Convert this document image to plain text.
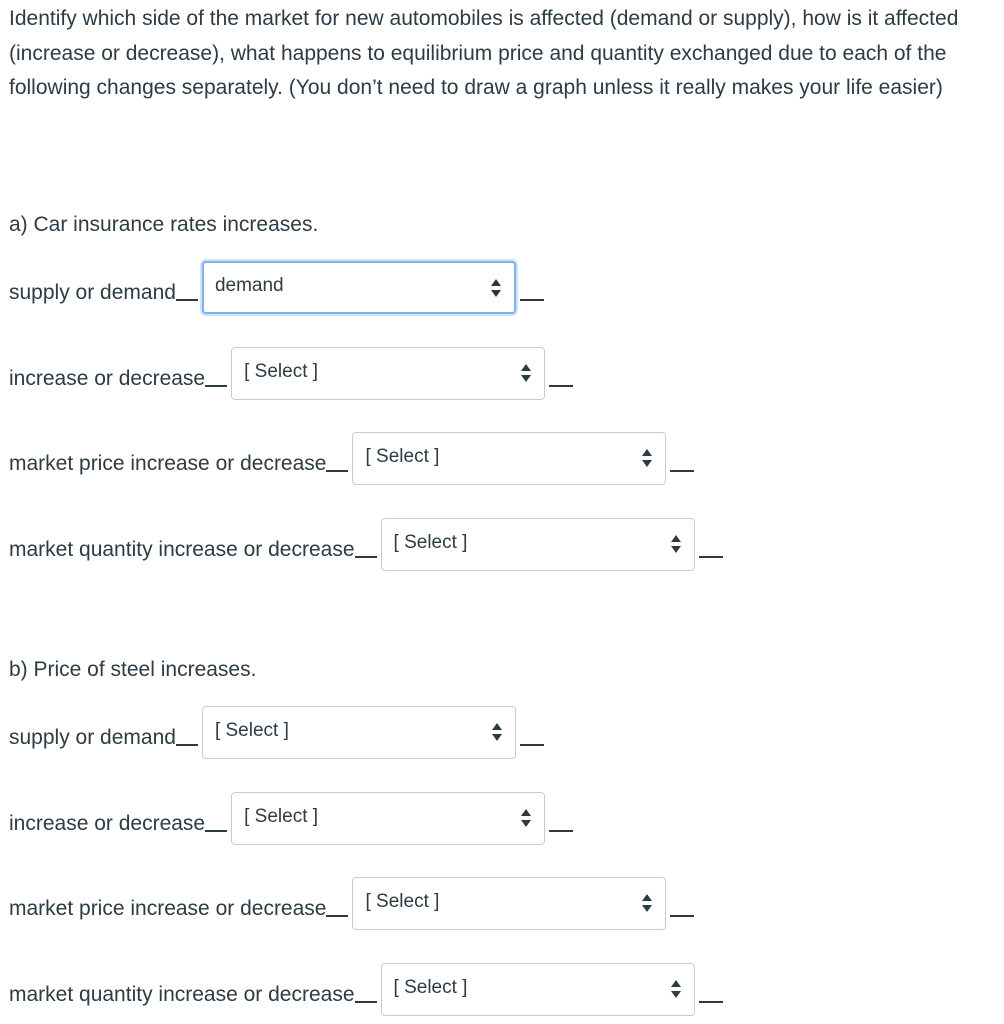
Identify which side of the market for new automobiles is affected (demand or supply), how is it affected (increase or decrease), what happens to equilibrium price and quantity exchanged due to each of the following changes separately. (You don’t need to draw a graph unless it really makes your life easier)

a) Car insurance rates increases.

supply or demand demand
increase or decrease [ Select ]
market price increase or decrease [ Select ]
market quantity increase or decrease [ Select ]

b) Price of steel increases.

supply or demand [ Select ]
increase or decrease [ Select ]
market price increase or decrease [ Select ]
market quantity increase or decrease [ Select ]
